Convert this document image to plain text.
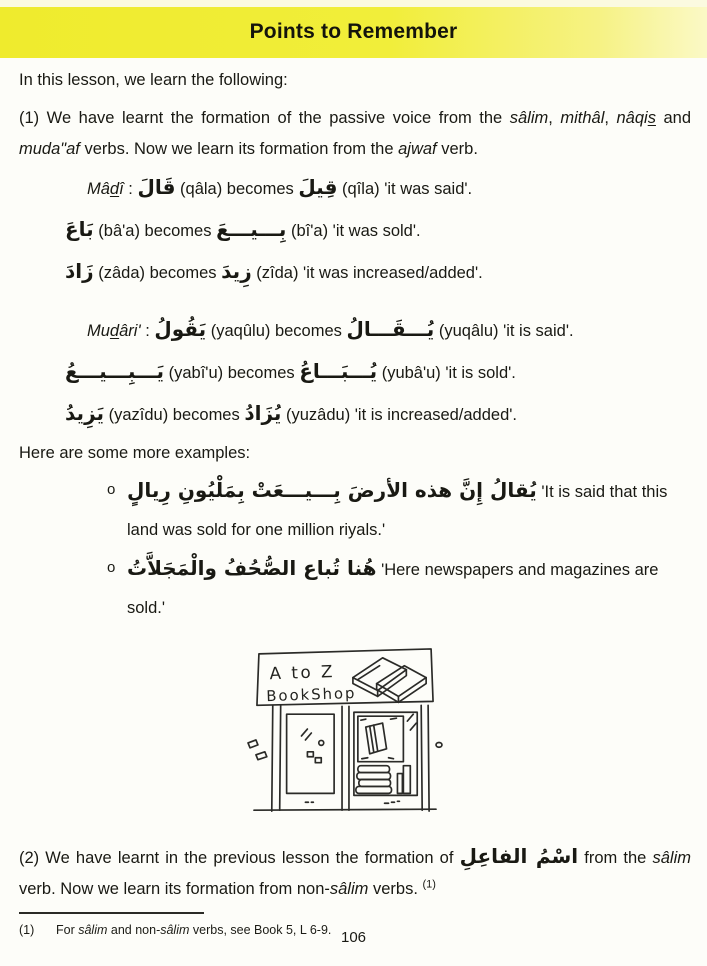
Points to Remember

In this lesson, we learn the following:

(1) We have learnt the formation of the passive voice from the sâlim, mithâl, nâqis and muda"af verbs. Now we learn its formation from the ajwaf verb.

Mâdî : قَالَ (qâla) becomes قِيلَ (qîla) 'it was said'.
بَاعَ (bâ'a) becomes بِـــيـــعَ (bî'a) 'it was sold'.
زَادَ (zâda) becomes زِيدَ (zîda) 'it was increased/added'.
Mudâri' : يَقُولُ (yaqûlu) becomes يُـــقَـــالُ (yuqâlu) 'it is said'.
يَـــبِـــيـــعُ (yabî'u) becomes يُـــبَـــاعُ (yubâ'u) 'it is sold'.
يَزِيدُ (yazîdu) becomes يُزَادُ (yuzâdu) 'it is increased/added'.

Here are some more examples:

o يُقالُ إِنَّ هذه الأرضَ بِـــيـــعَتْ بِمَلْيُونِ رِيالٍ 'It is said that this land was sold for one million riyals.'
o هُنا تُباع الصُّحُفُ والْمَجَلاَّتُ 'Here newspapers and magazines are sold.'
A to Z
BookShop

(2) We have learnt in the previous lesson the formation of اسْمُ الفاعِلِ from the sâlim verb. Now we learn its formation from non-sâlim verbs. $^{(1)}$

(1) For sâlim and non-sâlim verbs, see Book 5, L 6-9. 106
